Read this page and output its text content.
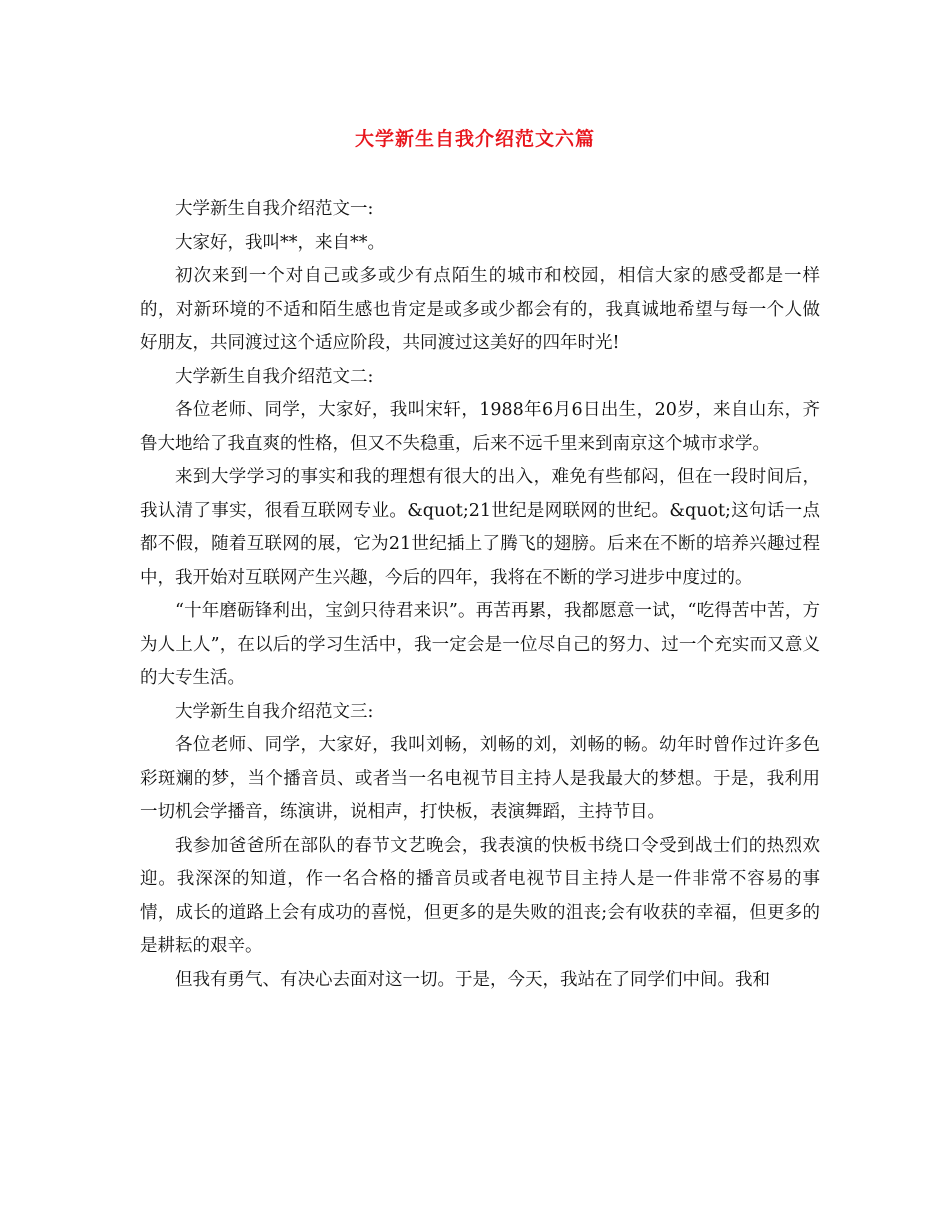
大学新生自我介绍范文六篇

大学新生自我介绍范文一:

大家好，我叫**，来自**。

初次来到一个对自己或多或少有点陌生的城市和校园，相信大家的感受都是一样的，对新环境的不适和陌生感也肯定是或多或少都会有的，我真诚地希望与每一个人做好朋友，共同渡过这个适应阶段，共同渡过这美好的四年时光!

大学新生自我介绍范文二:

各位老师、同学，大家好，我叫宋轩，1988年6月6日出生，20岁，来自山东，齐鲁大地给了我直爽的性格，但又不失稳重，后来不远千里来到南京这个城市求学。

来到大学学习的事实和我的理想有很大的出入，难免有些郁闷，但在一段时间后，我认清了事实，很看互联网专业。&quot;21世纪是网联网的世纪。&quot;这句话一点都不假，随着互联网的展，它为21世纪插上了腾飞的翅膀。后来在不断的培养兴趣过程中，我开始对互联网产生兴趣，今后的四年，我将在不断的学习进步中度过的。

“十年磨砺锋利出，宝剑只待君来识”。再苦再累，我都愿意一试，“吃得苦中苦，方为人上人”，在以后的学习生活中，我一定会是一位尽自己的努力、过一个充实而又意义的大专生活。

大学新生自我介绍范文三:

各位老师、同学，大家好，我叫刘畅，刘畅的刘，刘畅的畅。幼年时曾作过许多色彩斑斓的梦，当个播音员、或者当一名电视节目主持人是我最大的梦想。于是，我利用一切机会学播音，练演讲，说相声，打快板，表演舞蹈，主持节目。

我参加爸爸所在部队的春节文艺晚会，我表演的快板书绕口令受到战士们的热烈欢迎。我深深的知道，作一名合格的播音员或者电视节目主持人是一件非常不容易的事情，成长的道路上会有成功的喜悦，但更多的是失败的沮丧;会有收获的幸福，但更多的是耕耘的艰辛。

但我有勇气、有决心去面对这一切。于是，今天，我站在了同学们中间。我和
